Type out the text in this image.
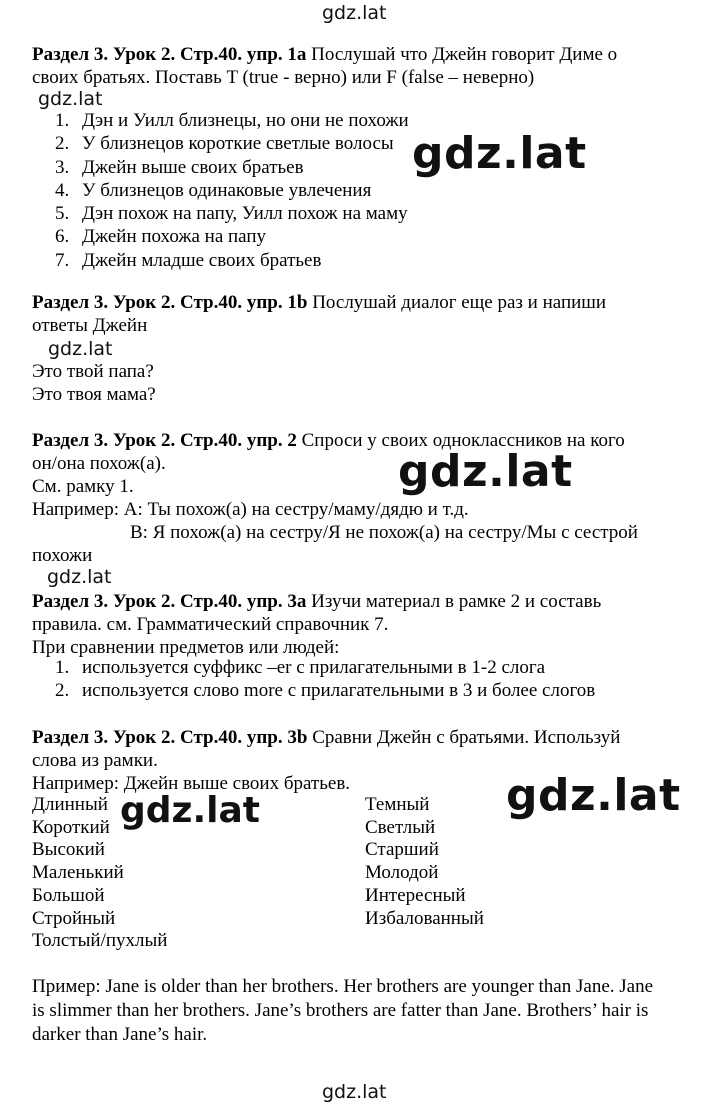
gdz.lat
gdz.lat
gdz.lat
gdz.lat
gdz.lat
gdz.lat
gdz.lat
gdz.lat
gdz.lat
Раздел 3. Урок 2. Стр.40. упр. 1a Послушай что Джейн говорит Диме о
своих братьях. Поставь T (true - верно) или F (false – неверно)
1. Дэн и Уилл близнецы, но они не похожи
2. У близнецов короткие светлые волосы
3. Джейн выше своих братьев
4. У близнецов одинаковые увлечения
5. Дэн похож на папу, Уилл похож на маму
6. Джейн похожа на папу
7. Джейн младше своих братьев
Раздел 3. Урок 2. Стр.40. упр. 1b Послушай диалог еще раз и напиши
ответы Джейн
Это твой папа?
Это твоя мама?
Раздел 3. Урок 2. Стр.40. упр. 2 Спроси у своих одноклассников на кого
он/она похож(а).
См. рамку 1.
Например: А: Ты похож(а) на сестру/маму/дядю и т.д.
В: Я похож(а) на сестру/Я не похож(а) на сестру/Мы с сестрой
похожи
Раздел 3. Урок 2. Стр.40. упр. 3а Изучи материал в рамке 2 и составь
правила. см. Грамматический справочник 7.
При сравнении предметов или людей:
1. используется суффикс –er с прилагательными в 1-2 слога
2. используется слово more с прилагательными в 3 и более слогов
Раздел 3. Урок 2. Стр.40. упр. 3b Сравни Джейн с братьями. Используй
слова из рамки.
Например: Джейн выше своих братьев.
Длинный
Короткий
Высокий
Маленький
Большой
Стройный
Толстый/пухлый
Темный
Светлый
Старший
Молодой
Интересный
Избалованный
Пример: Jane is older than her brothers. Her brothers are younger than Jane. Jane
is slimmer than her brothers. Jane’s brothers are fatter than Jane. Brothers’ hair is
darker than Jane’s hair.
